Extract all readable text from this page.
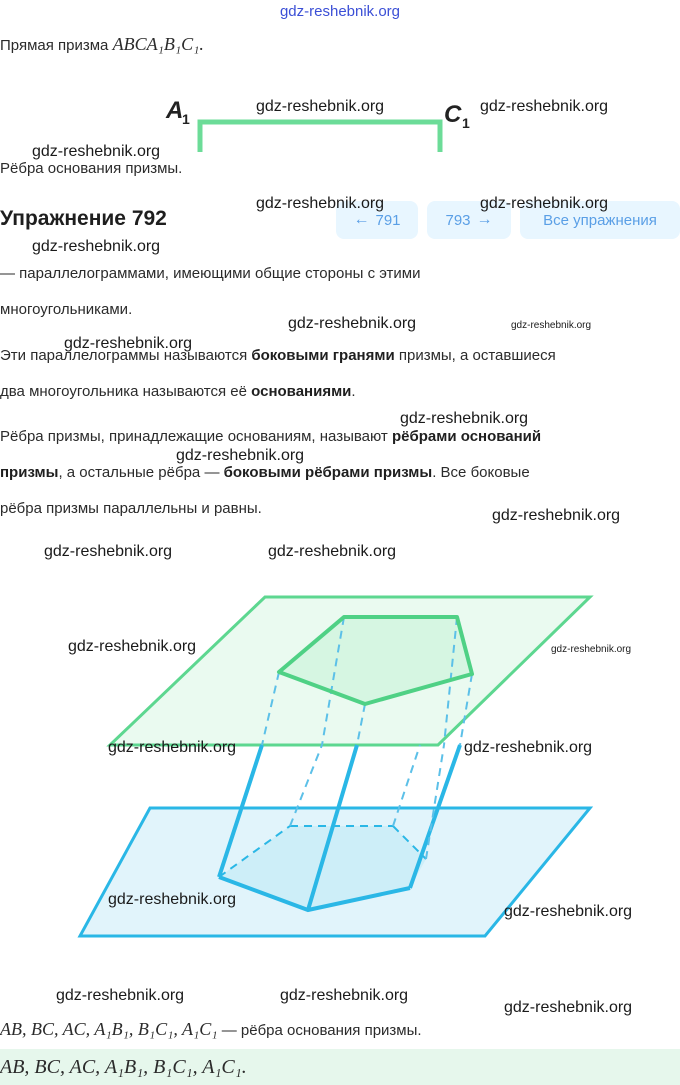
gdz-reshebnik.org
Прямая призма ABCA₁B₁C₁.
A
1	C 1
Рёбра основания призмы.
Упражнение 792	← 791	793 →	Все упражнения
— параллелограммами, имеющими общие стороны с этими
многоугольниками.
Эти параллелограммы называются боковыми гранями призмы, а оставшиеся
два многоугольника называются её основаниями.
Рёбра призмы, принадлежащие основаниям, называют рёбрами оснований
призмы, а остальные рёбра — боковыми рёбрами призмы. Все боковые
рёбра призмы параллельны и равны.
gdz-reshebnik.org	gdz-reshebnik.org
gdz-reshebnik.org
gdz-reshebnik.org	gdz-reshebnik.org
gdz-reshebnik.org
gdz-reshebnik.org	gdz-reshebnik.org
gdz-reshebnik.org
gdz-reshebnik.org
gdz-reshebnik.org
gdz-reshebnik.org
gdz-reshebnik.org	gdz-reshebnik.org
gdz-reshebnik.org	gdz-reshebnik.org
gdz-reshebnik.org	gdz-reshebnik.org
gdz-reshebnik.org
gdz-reshebnik.org
gdz-reshebnik.org	gdz-reshebnik.org
gdz-reshebnik.org
AB, BC, AC, A₁B₁, B₁C₁, A₁C₁ — рёбра основания призмы.
AB, BC, AC, A₁B₁, B₁C₁, A₁C₁.
